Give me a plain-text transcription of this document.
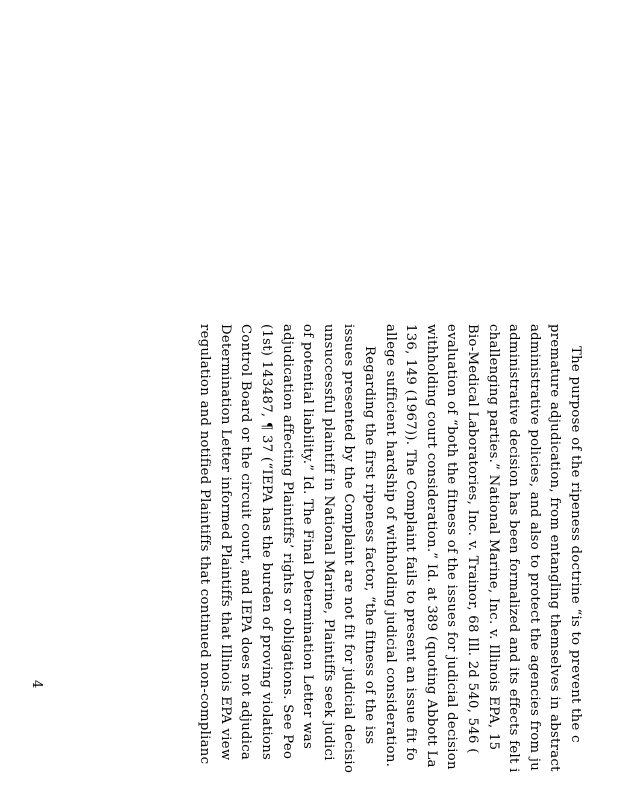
The purpose of the ripeness doctrine “is to prevent the c
premature adjudication, from entangling themselves in abstract
administrative policies, and also to protect the agencies from ju
administrative decision has been formalized and its effects felt i
challenging parties.” National Marine, Inc. v. Illinois EPA, 15
Bio-Medical Laboratories, Inc. v. Trainor, 68 Ill. 2d 540, 546 (
evaluation of “both the fitness of the issues for judicial decision
withholding court consideration.” Id. at 389 (quoting Abbott La
136, 149 (1967)). The Complaint fails to present an issue fit fo
allege sufficient hardship of withholding judicial consideration.
Regarding the first ripeness factor, “the fitness of the iss
issues presented by the Complaint are not fit for judicial decisio
unsuccessful plaintiff in National Marine, Plaintiffs seek judici
of potential liability.” Id. The Final Determination Letter was
adjudication affecting Plaintiffs’ rights or obligations. See Peo
(1st) 143487, ¶ 37 (“IEPA has the burden of proving violations
Control Board or the circuit court, and IEPA does not adjudica
Determination Letter informed Plaintiffs that Illinois EPA view
regulation and notified Plaintiffs that continued non-complianc
4
